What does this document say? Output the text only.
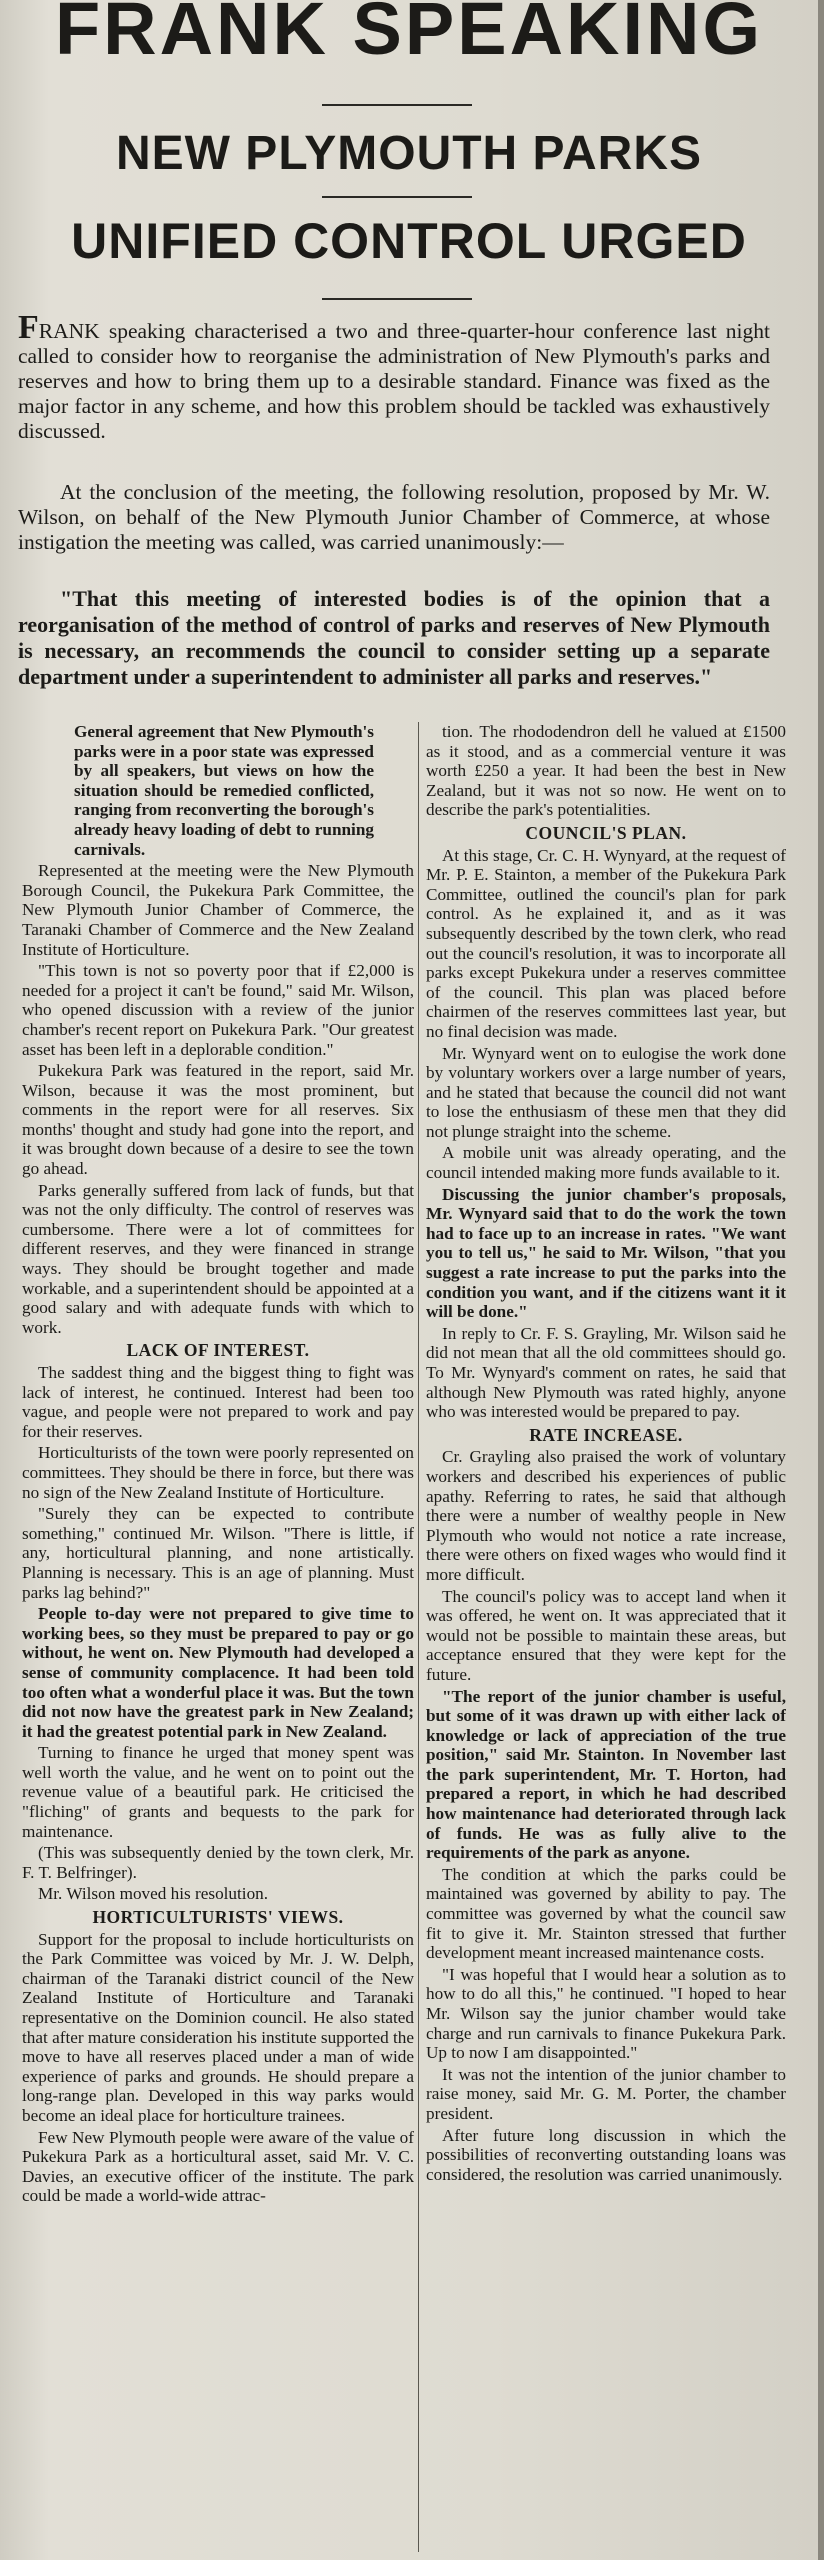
FRANK SPEAKING
NEW PLYMOUTH PARKS
UNIFIED CONTROL URGED

FRANK speaking characterised a two and three-quarter-hour conference last night called to consider how to reorganise the administration of New Plymouth's parks and reserves and how to bring them up to a desirable standard. Finance was fixed as the major factor in any scheme, and how this problem should be tackled was exhaustively discussed.

At the conclusion of the meeting, the following resolution, proposed by Mr. W. Wilson, on behalf of the New Plymouth Junior Chamber of Commerce, at whose instigation the meeting was called, was carried unanimously:—

"That this meeting of interested bodies is of the opinion that a reorganisation of the method of control of parks and reserves of New Plymouth is necessary, an recommends the council to consider setting up a separate department under a superintendent to administer all parks and reserves."

General agreement that New Plymouth's parks were in a poor state was expressed by all speakers, but views on how the situation should be remedied conflicted, ranging from reconverting the borough's already heavy loading of debt to running carnivals.

Represented at the meeting were the New Plymouth Borough Council, the Pukekura Park Committee, the New Plymouth Junior Chamber of Commerce, the Taranaki Chamber of Commerce and the New Zealand Institute of Horticulture.

"This town is not so poverty poor that if £2,000 is needed for a project it can't be found," said Mr. Wilson, who opened discussion with a review of the junior chamber's recent report on Pukekura Park. "Our greatest asset has been left in a deplorable condition."

Pukekura Park was featured in the report, said Mr. Wilson, because it was the most prominent, but comments in the report were for all reserves. Six months' thought and study had gone into the report, and it was brought down because of a desire to see the town go ahead.

Parks generally suffered from lack of funds, but that was not the only difficulty. The control of reserves was cumbersome. There were a lot of committees for different reserves, and they were financed in strange ways. They should be brought together and made workable, and a superintendent should be appointed at a good salary and with adequate funds with which to work.

LACK OF INTEREST.

The saddest thing and the biggest thing to fight was lack of interest, he continued. Interest had been too vague, and people were not prepared to work and pay for their reserves.

Horticulturists of the town were poorly represented on committees. They should be there in force, but there was no sign of the New Zealand Institute of Horticulture.

"Surely they can be expected to contribute something," continued Mr. Wilson. "There is little, if any, horticultural planning, and none artistically. Planning is necessary. This is an age of planning. Must parks lag behind?"

People to-day were not prepared to give time to working bees, so they must be prepared to pay or go without, he went on. New Plymouth had developed a sense of community complacence. It had been told too often what a wonderful place it was. But the town did not now have the greatest park in New Zealand; it had the greatest potential park in New Zealand.

Turning to finance he urged that money spent was well worth the value, and he went on to point out the revenue value of a beautiful park. He criticised the "fliching" of grants and bequests to the park for maintenance.

(This was subsequently denied by the town clerk, Mr. F. T. Belfringer).

Mr. Wilson moved his resolution.

HORTICULTURISTS' VIEWS.

Support for the proposal to include horticulturists on the Park Committee was voiced by Mr. J. W. Delph, chairman of the Taranaki district council of the New Zealand Institute of Horticulture and Taranaki representative on the Dominion council. He also stated that after mature consideration his institute supported the move to have all reserves placed under a man of wide experience of parks and grounds. He should prepare a long-range plan. Developed in this way parks would become an ideal place for horticulture trainees.

Few New Plymouth people were aware of the value of Pukekura Park as a horticultural asset, said Mr. V. C. Davies, an executive officer of the institute. The park could be made a world-wide attrac-

tion. The rhododendron dell he valued at £1500 as it stood, and as a commercial venture it was worth £250 a year. It had been the best in New Zealand, but it was not so now. He went on to describe the park's potentialities.

COUNCIL'S PLAN.

At this stage, Cr. C. H. Wynyard, at the request of Mr. P. E. Stainton, a member of the Pukekura Park Committee, outlined the council's plan for park control. As he explained it, and as it was subsequently described by the town clerk, who read out the council's resolution, it was to incorporate all parks except Pukekura under a reserves committee of the council. This plan was placed before chairmen of the reserves committees last year, but no final decision was made.

Mr. Wynyard went on to eulogise the work done by voluntary workers over a large number of years, and he stated that because the council did not want to lose the enthusiasm of these men that they did not plunge straight into the scheme.

A mobile unit was already operating, and the council intended making more funds available to it.

Discussing the junior chamber's proposals, Mr. Wynyard said that to do the work the town had to face up to an increase in rates. "We want you to tell us," he said to Mr. Wilson, "that you suggest a rate increase to put the parks into the condition you want, and if the citizens want it it will be done."

In reply to Cr. F. S. Grayling, Mr. Wilson said he did not mean that all the old committees should go. To Mr. Wynyard's comment on rates, he said that although New Plymouth was rated highly, anyone who was interested would be prepared to pay.

RATE INCREASE.

Cr. Grayling also praised the work of voluntary workers and described his experiences of public apathy. Referring to rates, he said that although there were a number of wealthy people in New Plymouth who would not notice a rate increase, there were others on fixed wages who would find it more difficult.

The council's policy was to accept land when it was offered, he went on. It was appreciated that it would not be possible to maintain these areas, but acceptance ensured that they were kept for the future.

"The report of the junior chamber is useful, but some of it was drawn up with either lack of knowledge or lack of appreciation of the true position," said Mr. Stainton. In November last the park superintendent, Mr. T. Horton, had prepared a report, in which he had described how maintenance had deteriorated through lack of funds. He was as fully alive to the requirements of the park as anyone.

The condition at which the parks could be maintained was governed by ability to pay. The committee was governed by what the council saw fit to give it. Mr. Stainton stressed that further development meant increased maintenance costs.

"I was hopeful that I would hear a solution as to how to do all this," he continued. "I hoped to hear Mr. Wilson say the junior chamber would take charge and run carnivals to finance Pukekura Park. Up to now I am disappointed."

It was not the intention of the junior chamber to raise money, said Mr. G. M. Porter, the chamber president.

After future long discussion in which the possibilities of reconverting outstanding loans was considered, the resolution was carried unanimously.
